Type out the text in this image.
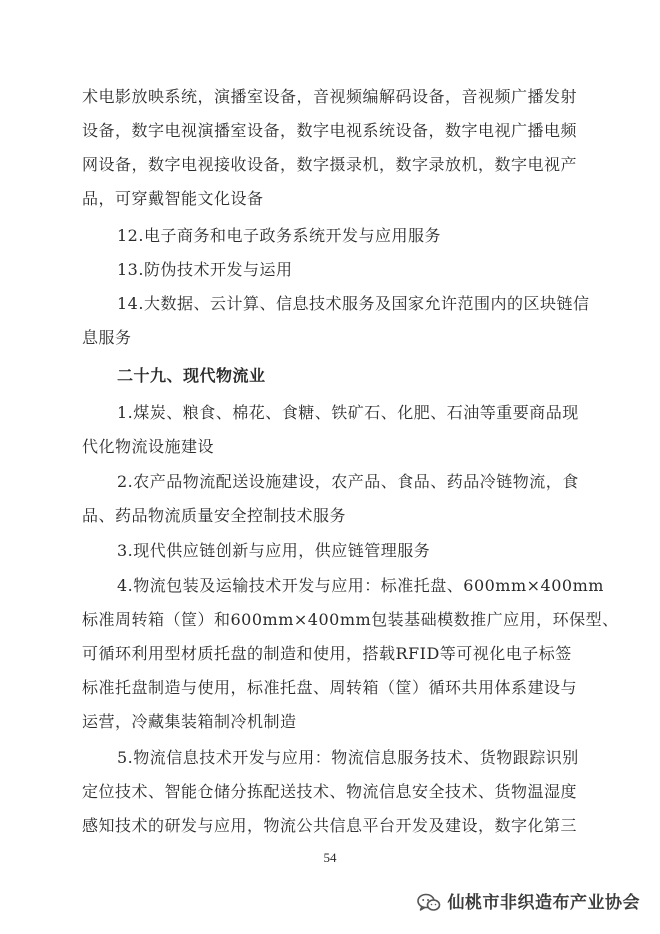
术电影放映系统，演播室设备，音视频编解码设备，音视频广播发射
设备，数字电视演播室设备，数字电视系统设备，数字电视广播电频
网设备，数字电视接收设备，数字摄录机，数字录放机，数字电视产
品，可穿戴智能文化设备
12.电子商务和电子政务系统开发与应用服务
13.防伪技术开发与运用
14.大数据、云计算、信息技术服务及国家允许范围内的区块链信
息服务
二十九、现代物流业
1.煤炭、粮食、棉花、食糖、铁矿石、化肥、石油等重要商品现
代化物流设施建设
2.农产品物流配送设施建设，农产品、食品、药品冷链物流，食
品、药品物流质量安全控制技术服务
3.现代供应链创新与应用，供应链管理服务
4.物流包装及运输技术开发与应用：标准托盘、600mm×400mm
标准周转箱（筐）和600mm×400mm包装基础模数推广应用，环保型、
可循环利用型材质托盘的制造和使用，搭载RFID等可视化电子标签
标准托盘制造与使用，标准托盘、周转箱（筐）循环共用体系建设与
运营，冷藏集装箱制冷机制造
5.物流信息技术开发与应用：物流信息服务技术、货物跟踪识别
定位技术、智能仓储分拣配送技术、物流信息安全技术、货物温湿度
感知技术的研发与应用，物流公共信息平台开发及建设，数字化第三
54
仙桃市非织造布产业协会
